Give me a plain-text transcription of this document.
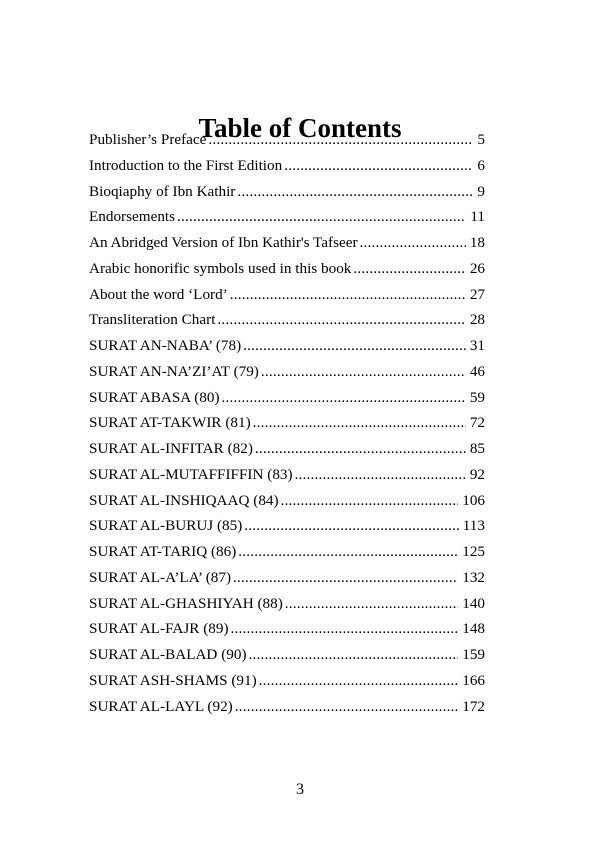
Table of Contents
Publisher’s Preface .....	5
Introduction to the First Edition .....	6
Bioqiaphy of Ibn Kathir .....	9
Endorsements .....	11
An Abridged Version of Ibn Kathir's Tafseer .....	18
Arabic honorific symbols used in this book .....	26
About the word ‘Lord’ .....	27
Transliteration Chart .....	28
SURAT AN-NABA’ (78) .....	31
SURAT AN-NA’ZI’AT (79) .....	46
SURAT ABASA (80) .....	59
SURAT AT-TAKWIR (81) .....	72
SURAT AL-INFITAR (82) .....	85
SURAT AL-MUTAFFIFFIN (83) .....	92
SURAT AL-INSHIQAAQ (84) .....	106
SURAT AL-BURUJ (85) .....	113
SURAT AT-TARIQ (86) .....	125
SURAT AL-A’LA’ (87) .....	132
SURAT AL-GHASHIYAH (88) .....	140
SURAT AL-FAJR (89) .....	148
SURAT AL-BALAD (90) .....	159
SURAT ASH-SHAMS (91) .....	166
SURAT AL-LAYL (92) .....	172
3
